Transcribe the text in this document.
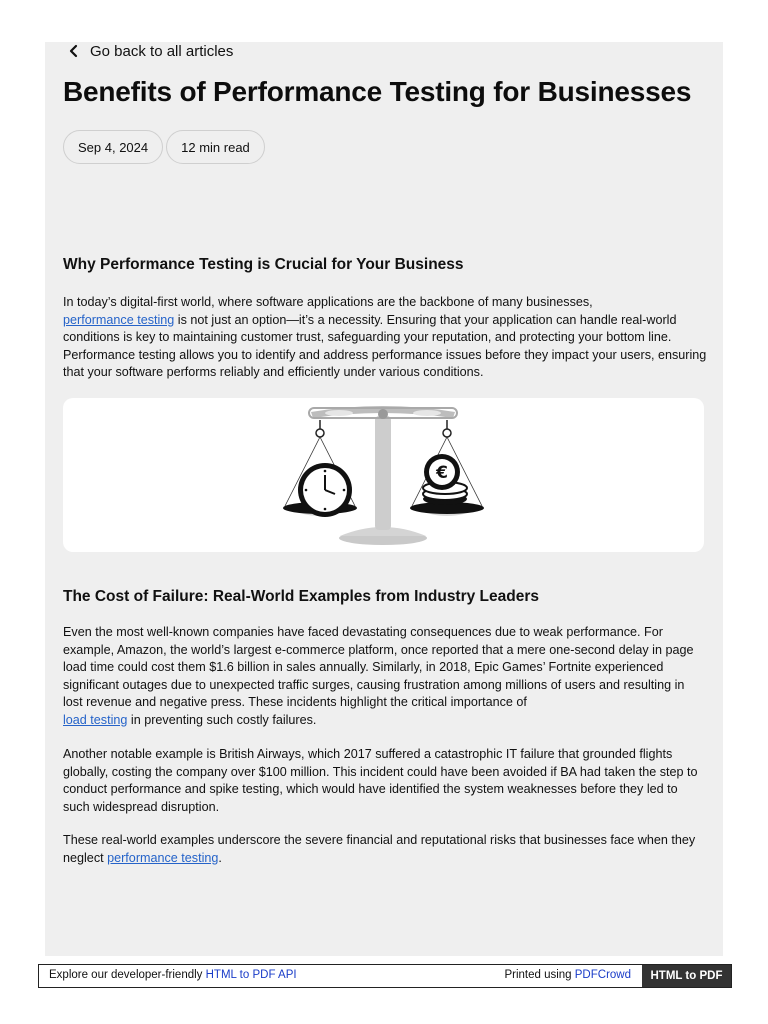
Go back to all articles
Benefits of Performance Testing for Businesses
Sep 4, 2024	12 min read
Why Performance Testing is Crucial for Your Business

In today’s digital-first world, where software applications are the backbone of many businesses,
performance testing is not just an option—it’s a necessity. Ensuring that your application can handle real-world conditions is key to maintaining customer trust, safeguarding your reputation, and protecting your bottom line. Performance testing allows you to identify and address performance issues before they impact your users, ensuring that your software performs reliably and efficiently under various conditions.

€
The Cost of Failure: Real-World Examples from Industry Leaders

Even the most well-known companies have faced devastating consequences due to weak performance. For example, Amazon, the world’s largest e-commerce platform, once reported that a mere one-second delay in page load time could cost them $1.6 billion in sales annually. Similarly, in 2018, Epic Games’ Fortnite experienced significant outages due to unexpected traffic surges, causing frustration among millions of users and resulting in lost revenue and negative press. These incidents highlight the critical importance of
load testing in preventing such costly failures.

Another notable example is British Airways, which 2017 suffered a catastrophic IT failure that grounded flights globally, costing the company over $100 million. This incident could have been avoided if BA had taken the step to conduct performance and spike testing, which would have identified the system weaknesses before they led to such widespread disruption.

These real-world examples underscore the severe financial and reputational risks that businesses face when they neglect performance testing.

Explore our developer-friendly HTML to PDF API	Printed using PDFCrowd	HTML to PDF
